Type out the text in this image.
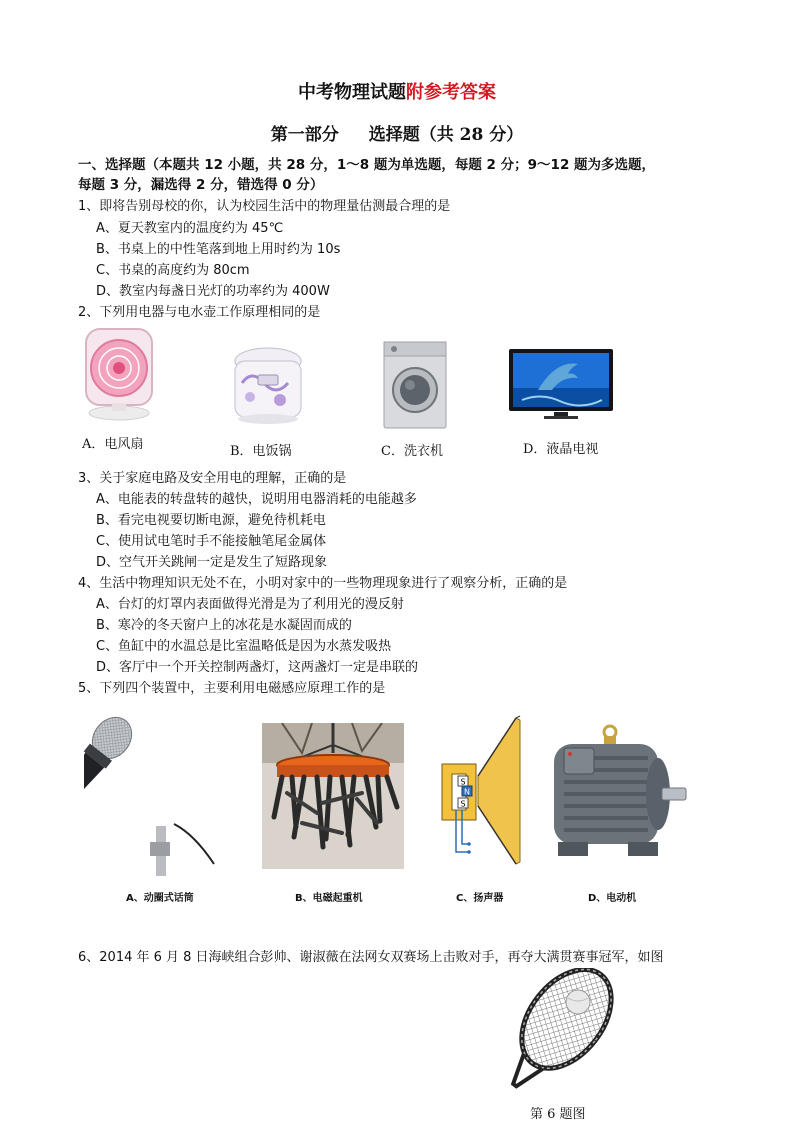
中考物理试题附参考答案
第一部分 选择题（共 28 分）
一、选择题（本题共 12 小题，共 28 分，1～8 题为单选题，每题 2 分；9～12 题为多选题，
每题 3 分，漏选得 2 分，错选得 0 分）
1、即将告别母校的你，认为校园生活中的物理量估测最合理的是
A、夏天教室内的温度约为 45℃
B、书桌上的中性笔落到地上用时约为 10s
C、书桌的高度约为 80cm
D、教室内每盏日光灯的功率约为 400W
2、下列用电器与电水壶工作原理相同的是
A．电风扇	B．电饭锅	C．洗衣机	D．液晶电视
3、关于家庭电路及安全用电的理解，正确的是
A、电能表的转盘转的越快，说明用电器消耗的电能越多
B、看完电视要切断电源，避免待机耗电
C、使用试电笔时手不能接触笔尾金属体
D、空气开关跳闸一定是发生了短路现象
4、生活中物理知识无处不在，小明对家中的一些物理现象进行了观察分析，正确的是
A、台灯的灯罩内表面做得光滑是为了利用光的漫反射
B、寒冷的冬天窗户上的冰花是水凝固而成的
C、鱼缸中的水温总是比室温略低是因为水蒸发吸热
D、客厅中一个开关控制两盏灯，这两盏灯一定是串联的
5、下列四个装置中，主要利用电磁感应原理工作的是
A、动圈式话筒	B、电磁起重机
S
N
S
C、扬声器	D、电动机
6、2014 年 6 月 8 日海峡组合彭帅、谢淑薇在法网女双赛场上击败对手，再夺大满贯赛事冠军，如图
第 6 题图
